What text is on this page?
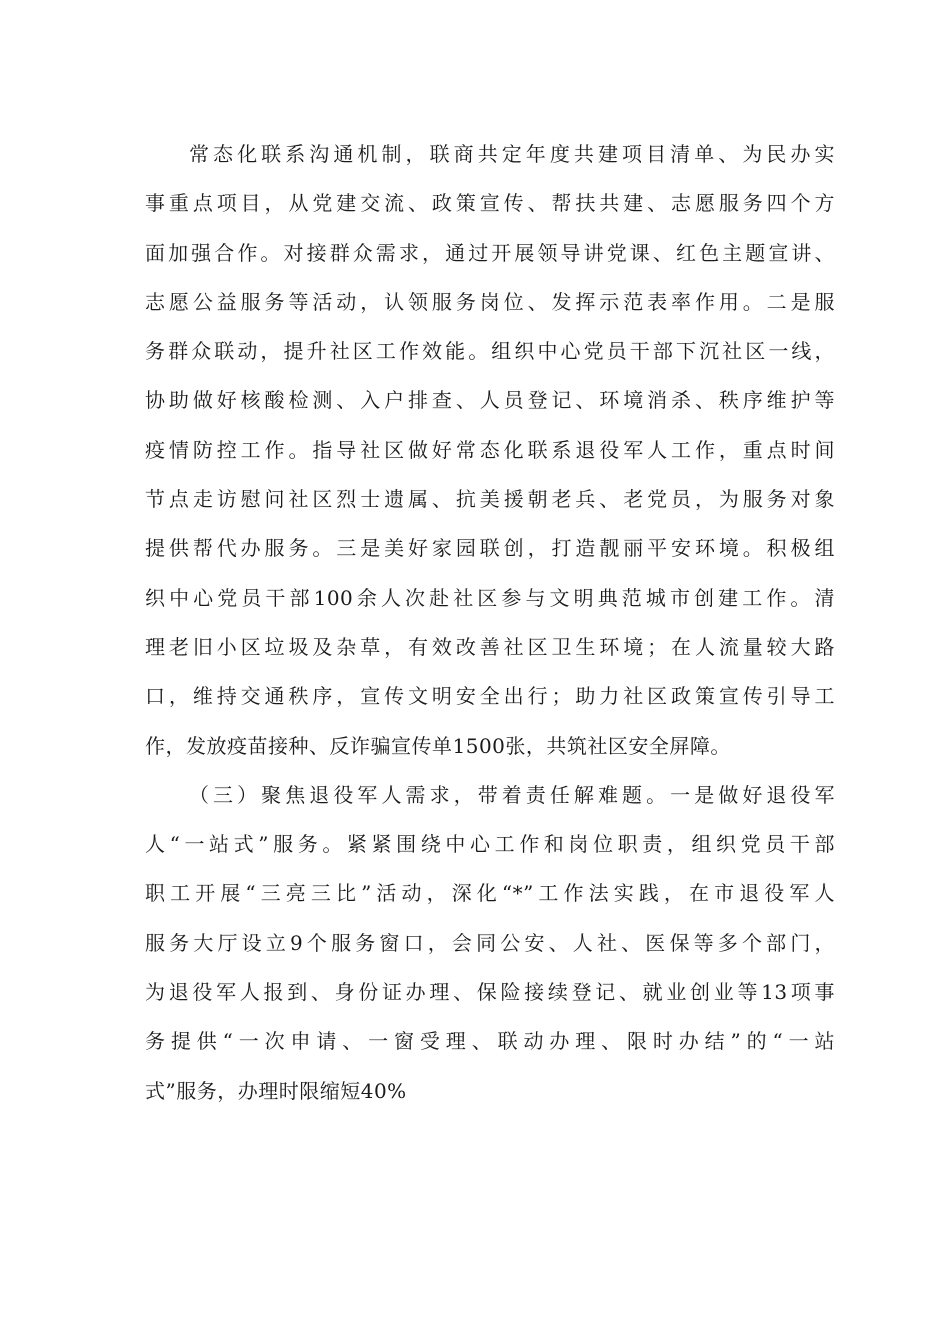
常态化联系沟通机制，联商共定年度共建项目清单、为民办实
事重点项目，从党建交流、政策宣传、帮扶共建、志愿服务四个方
面加强合作。对接群众需求，通过开展领导讲党课、红色主题宣讲、
志愿公益服务等活动，认领服务岗位、发挥示范表率作用。二是服
务群众联动，提升社区工作效能。组织中心党员干部下沉社区一线，
协助做好核酸检测、入户排查、人员登记、环境消杀、秩序维护等
疫情防控工作。指导社区做好常态化联系退役军人工作，重点时间
节点走访慰问社区烈士遗属、抗美援朝老兵、老党员，为服务对象
提供帮代办服务。三是美好家园联创，打造靓丽平安环境。积极组
织中心党员干部100余人次赴社区参与文明典范城市创建工作。清
理老旧小区垃圾及杂草，有效改善社区卫生环境；在人流量较大路
口，维持交通秩序，宣传文明安全出行；助力社区政策宣传引导工
作，发放疫苗接种、反诈骗宣传单1500张，共筑社区安全屏障。
（三）聚焦退役军人需求，带着责任解难题。一是做好退役军
人“一站式”服务。紧紧围绕中心工作和岗位职责，组织党员干部
职工开展“三亮三比”活动，深化“*”工作法实践，在市退役军人
服务大厅设立9个服务窗口，会同公安、人社、医保等多个部门，
为退役军人报到、身份证办理、保险接续登记、就业创业等13项事
务提供“一次申请、一窗受理、联动办理、限时办结”的“一站
式”服务，办理时限缩短40%
